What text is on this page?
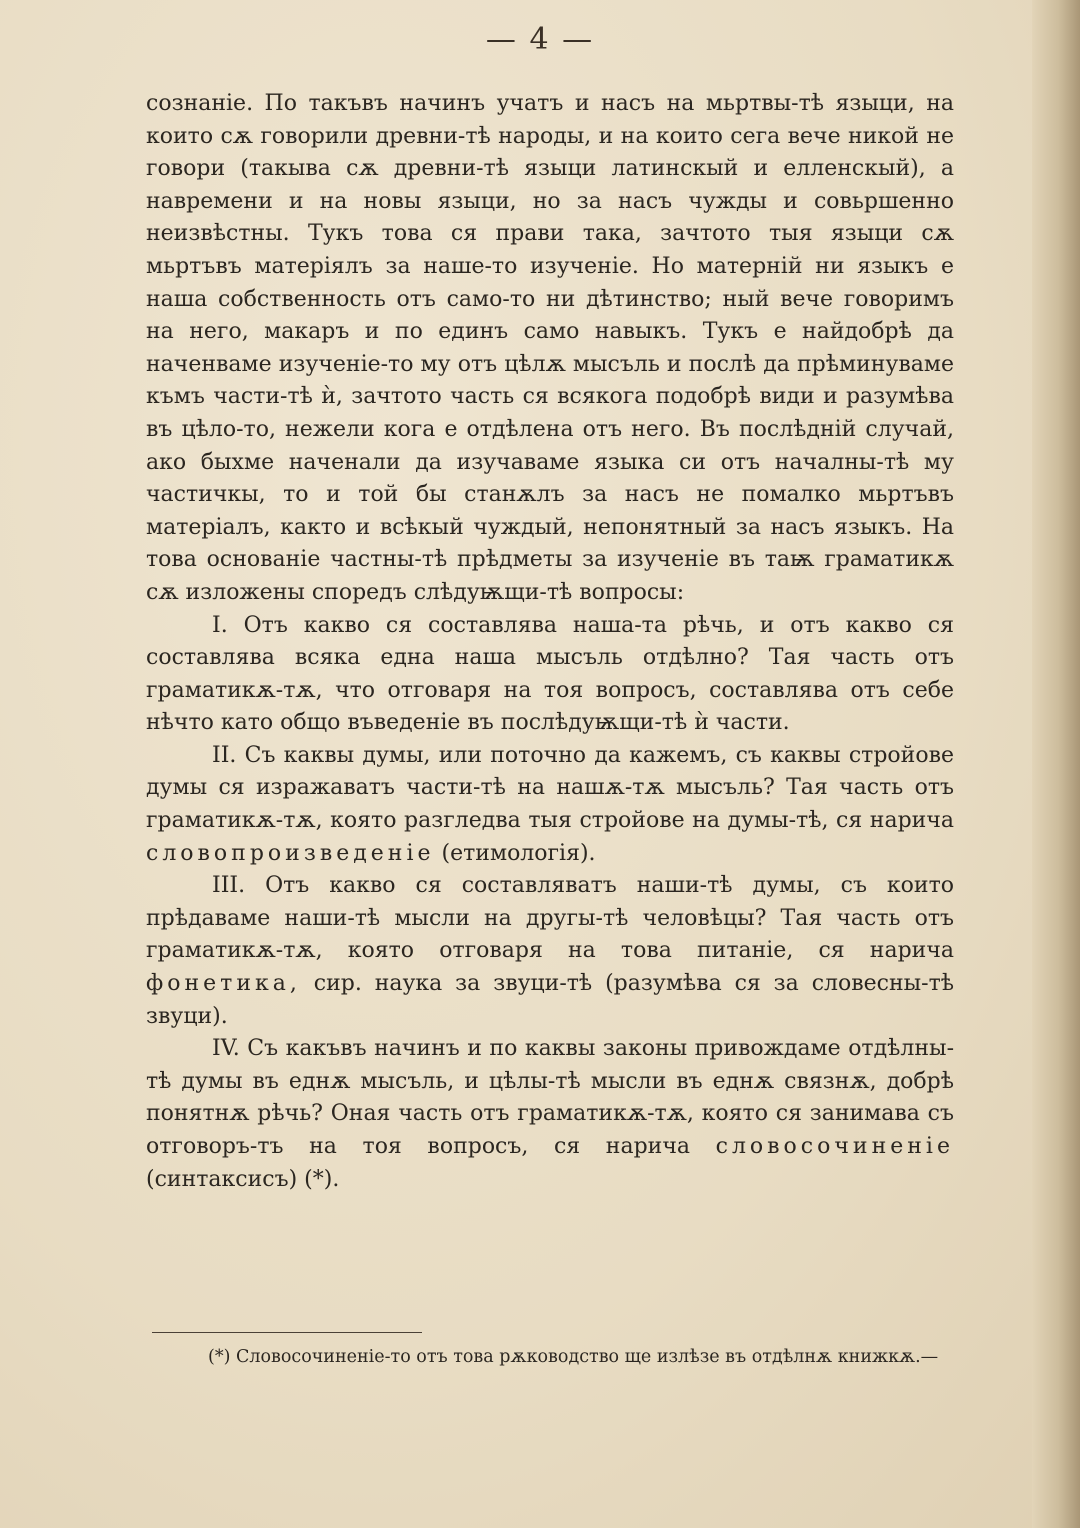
— 4 —

сознаніе. По такъвъ начинъ учатъ и насъ на мьртвы-тѣ языци, на които сѫ говорили древни-тѣ народы, и на които сега вече никой не говори (такыва сѫ древни-тѣ языци латинскый и елленскый), а навремени и на новы языци, но за насъ чужды и совьршенно неизвѣстны. Тукъ това ся прави така, зачтото тыя языци сѫ мьртъвъ матеріялъ за наше-то изученіе. Но матерній ни языкъ е наша собственность отъ само-то ни дѣтинство; ный вече говоримъ на него, макаръ и по единъ само навыкъ. Тукъ е найдобрѣ да наченваме изученіе-то му отъ цѣлѫ мысъль и послѣ да прѣминуваме къмъ части-тѣ ѝ, зачтото часть ся всякога подобрѣ види и разумѣва въ цѣло-то, нежели кога е отдѣлена отъ него. Въ послѣдній случай, ако быхме наченали да изучаваме языка си отъ началны-тѣ му частичкы, то и той бы станѫлъ за насъ не помалко мьртъвъ матеріалъ, както и всѣкый чуждый, непонятный за насъ языкъ. На това основаніе частны-тѣ прѣдметы за изученіе въ таѭ граматикѫ сѫ изложены споредъ слѣдуѭщи-тѣ вопросы:

I. Отъ какво ся составлява наша-та рѣчь, и отъ какво ся составлява всяка една наша мысъль отдѣлно? Тая часть отъ граматикѫ-тѫ, что отговаря на тоя вопросъ, составлява отъ себе нѣчто като общо въведеніе въ послѣдуѭщи-тѣ ѝ части.

II. Съ каквы думы, или поточно да кажемъ, съ каквы стройове думы ся изражаватъ части-тѣ на нашѫ-тѫ мысъль? Тая часть отъ граматикѫ-тѫ, която разгледва тыя стройове на думы-тѣ, ся нарича словопроизведеніе (етимологія).

III. Отъ какво ся составляватъ наши-тѣ думы, съ които прѣдаваме наши-тѣ мысли на другы-тѣ человѣцы? Тая часть отъ граматикѫ-тѫ, която отговаря на това питаніе, ся нарича фонетика, сир. наука за звуци-тѣ (разумѣва ся за словесны-тѣ звуци).

IV. Съ какъвъ начинъ и по каквы законы привождаме отдѣлны-тѣ думы въ еднѫ мысъль, и цѣлы-тѣ мысли въ еднѫ связнѫ, добрѣ понятнѫ рѣчь? Оная часть отъ граматикѫ-тѫ, която ся занимава съ отговоръ-тъ на тоя вопросъ, ся нарича словосочиненіе (синтаксисъ) (*).

(*) Словосочиненіе-то отъ това рѫководство ще излѣзе въ отдѣлнѫ книжкѫ.—
